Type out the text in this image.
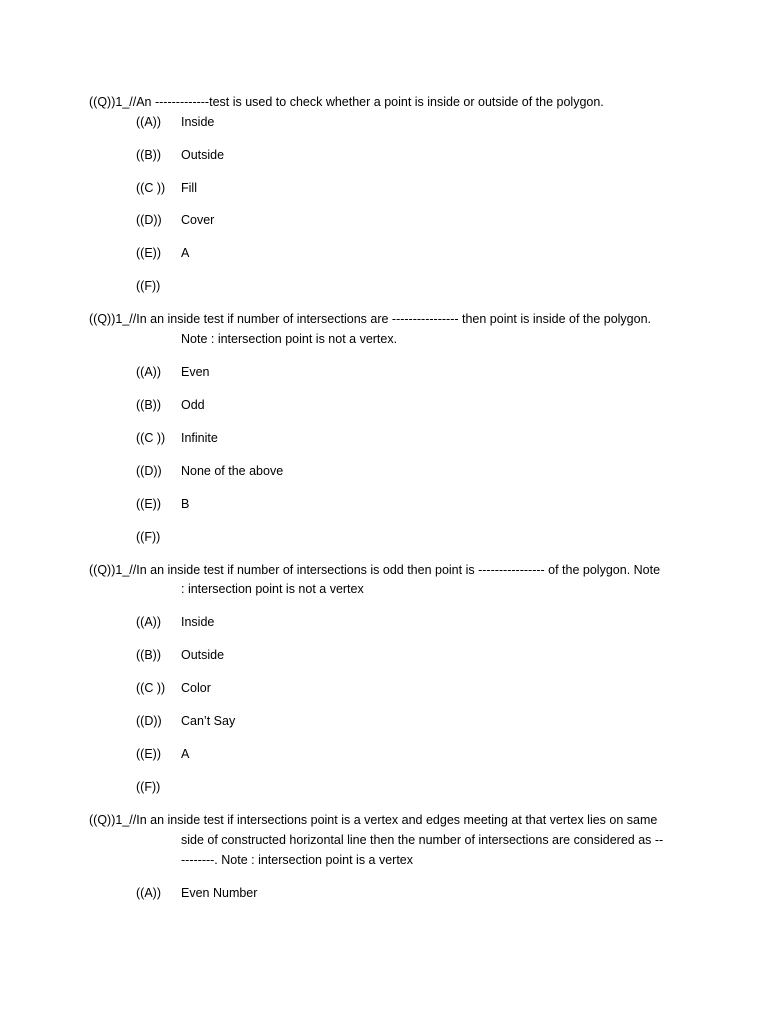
((Q))1_//An -------------test is used to check whether a point is inside or outside of the polygon.
((A)) Inside
((B)) Outside
((C )) Fill
((D)) Cover
((E)) A
((F))
((Q))1_//In an inside test if number of intersections are ---------------- then point is inside of the polygon.
Note : intersection point is not a vertex.
((A)) Even
((B)) Odd
((C )) Infinite
((D)) None of the above
((E)) B
((F))
((Q))1_//In an inside test if number of intersections is odd then point is ---------------- of the polygon. Note
: intersection point is not a vertex
((A)) Inside
((B)) Outside
((C )) Color
((D)) Can’t Say
((E)) A
((F))
((Q))1_//In an inside test if intersections point is a vertex and edges meeting at that vertex lies on same
side of constructed horizontal line then the number of intersections are considered as --
--------. Note : intersection point is a vertex
((A)) Even Number
